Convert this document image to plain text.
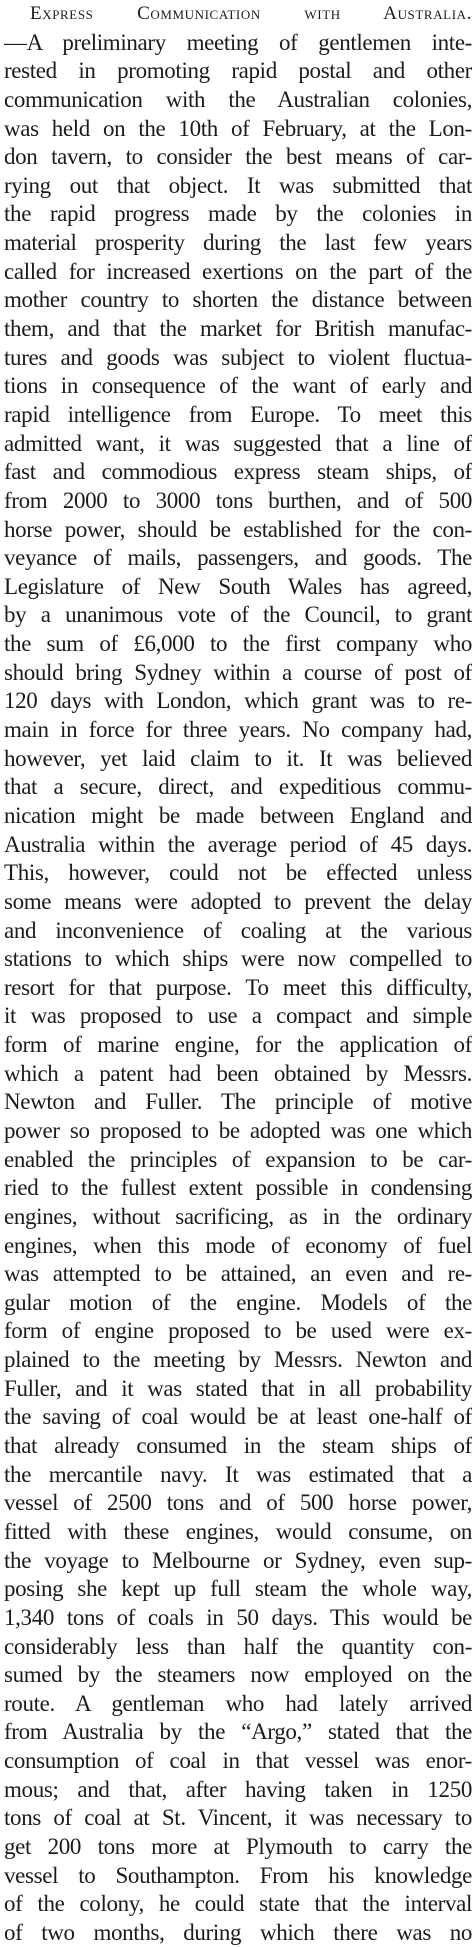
Express Communication with Australia.
—A preliminary meeting of gentlemen inte-
rested in promoting rapid postal and other
communication with the Australian colonies,
was held on the 10th of February, at the Lon-
don tavern, to consider the best means of car-
rying out that object. It was submitted that
the rapid progress made by the colonies in
material prosperity during the last few years
called for increased exertions on the part of the
mother country to shorten the distance between
them, and that the market for British manufac-
tures and goods was subject to violent fluctua-
tions in consequence of the want of early and
rapid intelligence from Europe. To meet this
admitted want, it was suggested that a line of
fast and commodious express steam ships, of
from 2000 to 3000 tons burthen, and of 500
horse power, should be established for the con-
veyance of mails, passengers, and goods. The
Legislature of New South Wales has agreed,
by a unanimous vote of the Council, to grant
the sum of £6,000 to the first company who
should bring Sydney within a course of post of
120 days with London, which grant was to re-
main in force for three years. No company had,
however, yet laid claim to it. It was believed
that a secure, direct, and expeditious commu-
nication might be made between England and
Australia within the average period of 45 days.
This, however, could not be effected unless
some means were adopted to prevent the delay
and inconvenience of coaling at the various
stations to which ships were now compelled to
resort for that purpose. To meet this difficulty,
it was proposed to use a compact and simple
form of marine engine, for the application of
which a patent had been obtained by Messrs.
Newton and Fuller. The principle of motive
power so proposed to be adopted was one which
enabled the principles of expansion to be car-
ried to the fullest extent possible in condensing
engines, without sacrificing, as in the ordinary
engines, when this mode of economy of fuel
was attempted to be attained, an even and re-
gular motion of the engine. Models of the
form of engine proposed to be used were ex-
plained to the meeting by Messrs. Newton and
Fuller, and it was stated that in all probability
the saving of coal would be at least one-half of
that already consumed in the steam ships of
the mercantile navy. It was estimated that a
vessel of 2500 tons and of 500 horse power,
fitted with these engines, would consume, on
the voyage to Melbourne or Sydney, even sup-
posing she kept up full steam the whole way,
1,340 tons of coals in 50 days. This would be
considerably less than half the quantity con-
sumed by the steamers now employed on the
route. A gentleman who had lately arrived
from Australia by the “Argo,” stated that the
consumption of coal in that vessel was enor-
mous; and that, after having taken in 1250
tons of coal at St. Vincent, it was necessary to
get 200 tons more at Plymouth to carry the
vessel to Southampton. From his knowledge
of the colony, he could state that the interval
of two months, during which there was no
